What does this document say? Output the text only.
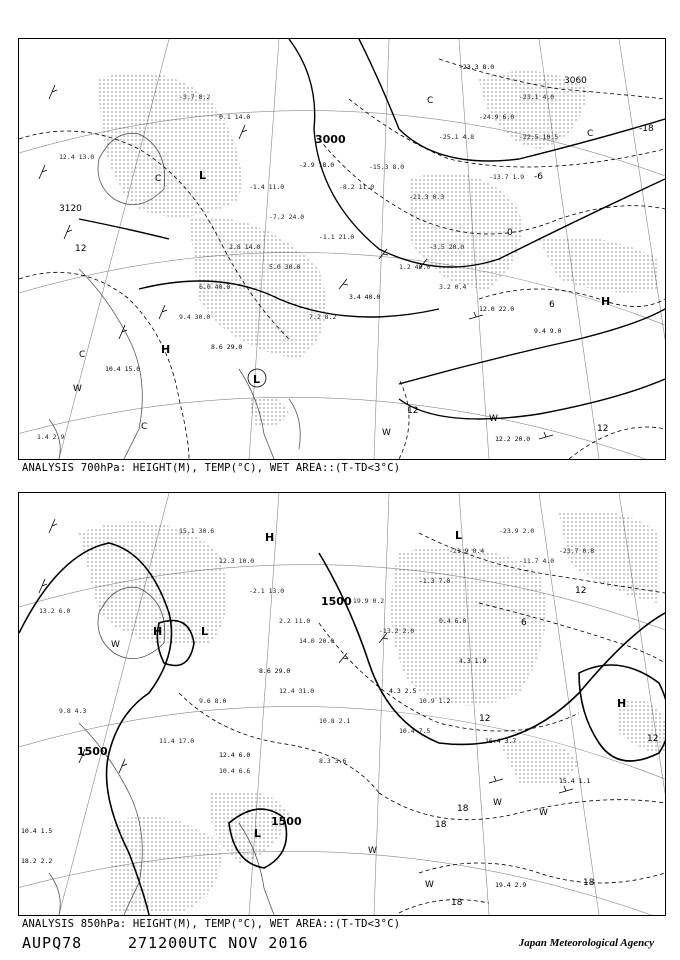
3000
3120
3060
12
12
12
6
-6
-18
0
L
L
H
H
C
C
C
C
W
W
W
C
12.0 22.0
9.4 9.0
12.2 20.0
10.4 15.0
8.6 29.0
3.4 40.0
-2.9 18.0
-23.3 8.0
-3.7 8.2
0.1 14.0
-1.4 11.0
-7.2 24.0
2.8 14.0
5.0 30.0
-1.1 21.0
-8.2 11.0
-15.3 8.0
-21.3 0.3
-25.1 4.8
-24.9 6.0
-13.7 1.9
-3.5 20.0
1.2 40.0
3.2 0.4
6.0 40.0
9.4 30.0	7.2 8.2
1.4 2.9
12.4 13.0
-23.1 4.0
-22.5 10.5
ANALYSIS 700hPa: HEIGHT(M), TEMP(°C), WET AREA::(T-TD<3°C)
1500
1500
1500
12
12
12
18
18
18
6
18
H
H
L
L
L
H
W
W
W
W
W
16.4 3.7
15.4 1.1
19.4 2.9
18.2 2.2
10.4 1.5
12.4 6.0
8.6 29.0
4.3 2.5
15.1 30.6
12.3 10.0
-2.1 13.0
2.2 11.0
14.0 20.0
12.4 31.0
10.8 2.1
-19.9 0.2
-13.2 2.0
-1.3 7.0
0.4 6.0
4.3 1.9
10.9 1.2
-21.9 0.4
-23.9 2.0
-11.7 4.0
-23.7 0.8
9.6 8.0
11.4 17.0
10.4 6.6
8.3 3.6
10.4 7.5
13.2 6.0
9.8 4.3
ANALYSIS 850hPa: HEIGHT(M), TEMP(°C), WET AREA::(T-TD<3°C)
AUPQ78	271200UTC NOV 2016	Japan Meteorological Agency
